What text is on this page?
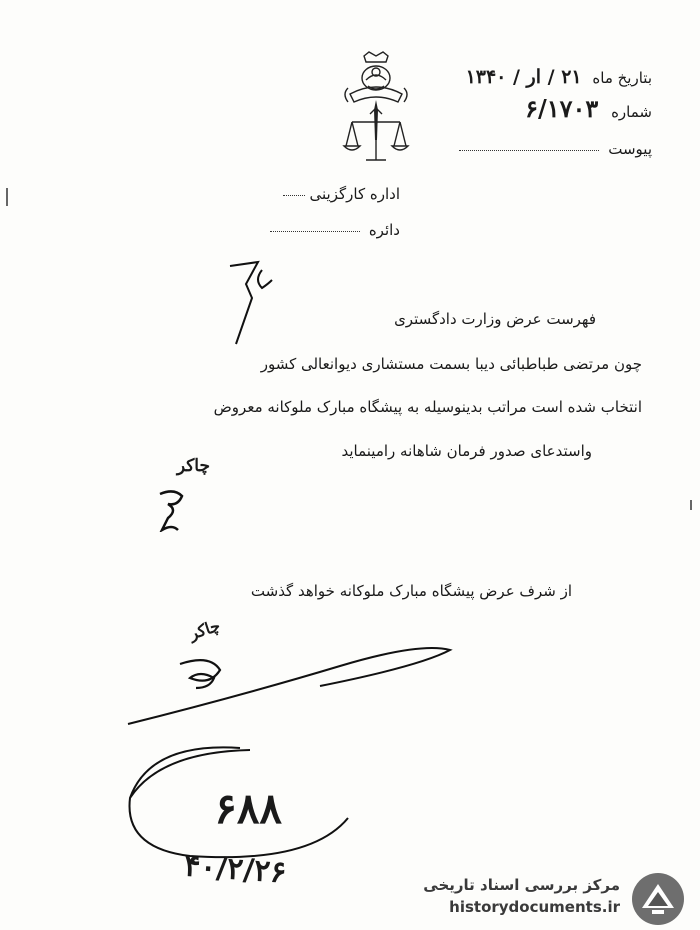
بتاریخ ماه ۲۱ / ار / ۱۳۴۰
شماره ۶/۱۷۰۳
پیوست
اداره کارگزینی
دائره
فهرست عرض وزارت دادگستری
چون مرتضی طباطبائی دیبا بسمت مستشاری دیوانعالی کشور
انتخاب شده است مراتب بدینوسیله به پیشگاه مبارک ملوکانه معروض
واستدعای صدور فرمان شاهانه رامینماید
چاکر
از شرف عرض پیشگاه مبارک ملوکانه خواهد گذشت
چاکر
۶۸۸
۴۰/۲/۲۶	مرکز بررسی اسناد تاریخی
historydocuments.ir
